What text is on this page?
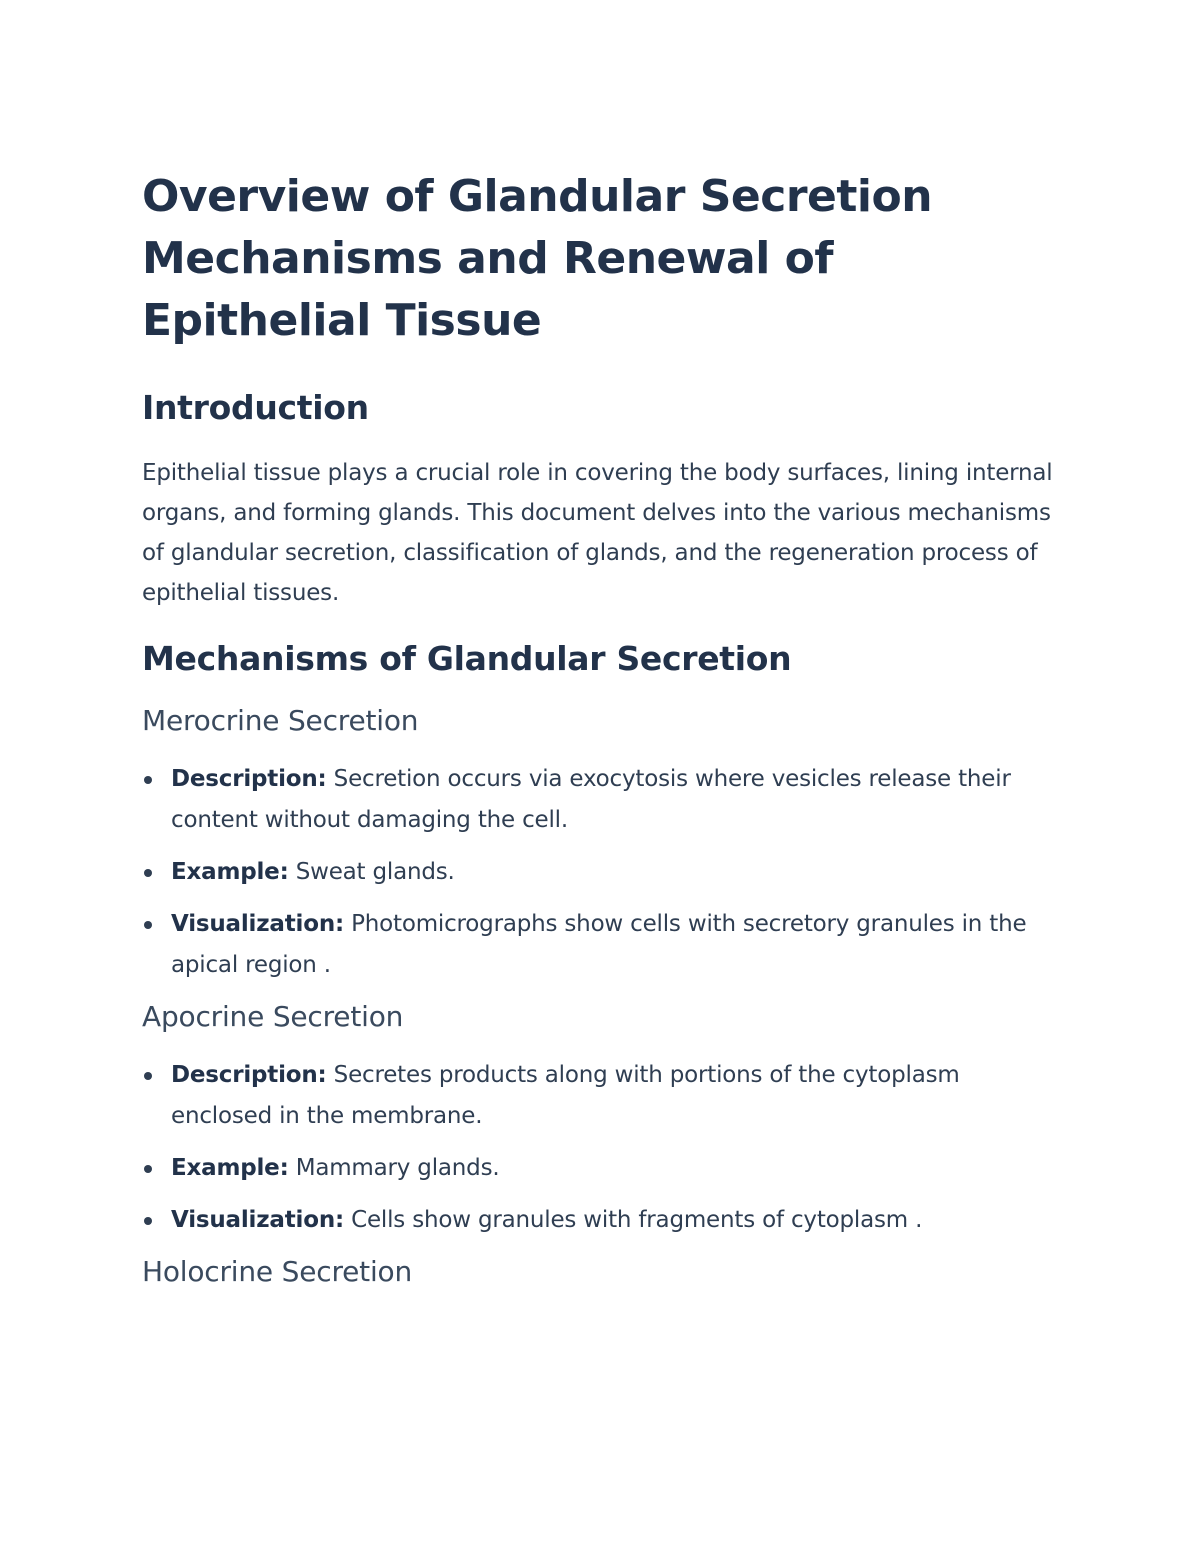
Overview of Glandular Secretion Mechanisms and Renewal of Epithelial Tissue
Introduction

Epithelial tissue plays a crucial role in covering the body surfaces, lining internal organs, and forming glands. This document delves into the various mechanisms of glandular secretion, classification of glands, and the regeneration process of epithelial tissues.

Mechanisms of Glandular Secretion
Merocrine Secretion
Description: Secretion occurs via exocytosis where vesicles release their content without damaging the cell.
Example: Sweat glands.
Visualization: Photomicrographs show cells with secretory granules in the apical region .
Apocrine Secretion
Description: Secretes products along with portions of the cytoplasm enclosed in the membrane.
Example: Mammary glands.
Visualization: Cells show granules with fragments of cytoplasm .
Holocrine Secretion
